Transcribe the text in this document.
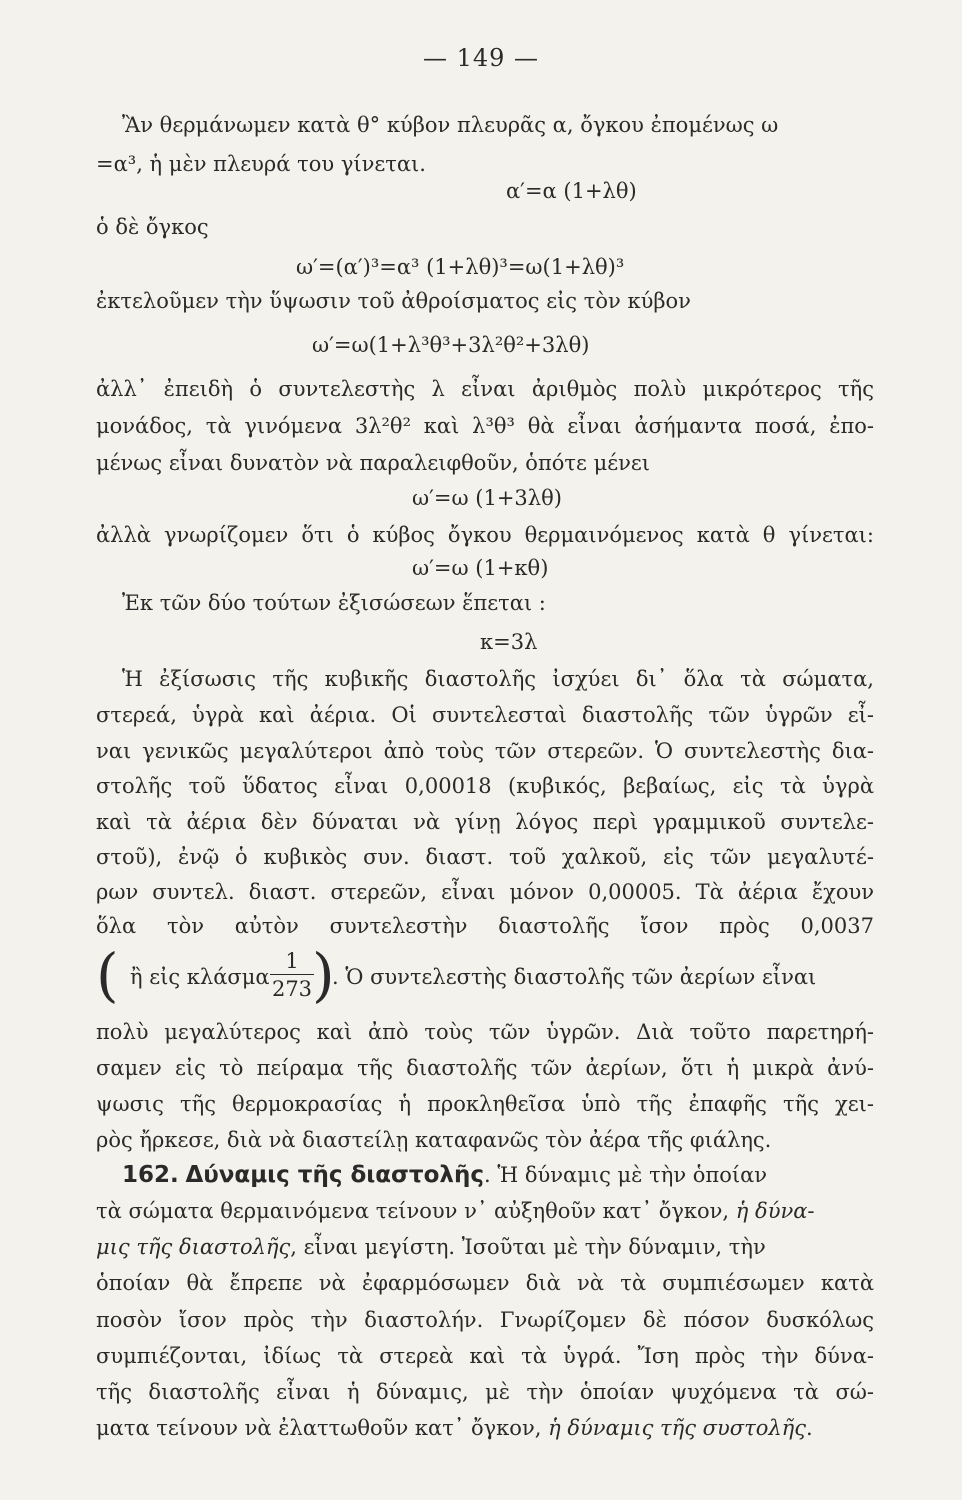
— 149 —
Ἂν θερμάνωμεν κατὰ θ° κύβον πλευρᾶς α, ὄγκου ἐπομένως ω
=α³, ἡ μὲν πλευρά του γίνεται.
α′=α (1+λθ)
ὁ δὲ ὄγκος
ω′=(α′)³=α³ (1+λθ)³=ω(1+λθ)³
ἐκτελοῦμεν τὴν ὕψωσιν τοῦ ἀθροίσματος εἰς τὸν κύβον
ω′=ω(1+λ³θ³+3λ²θ²+3λθ)
ἀλλ᾿ ἐπειδὴ ὁ συντελεστὴς λ εἶναι ἀριθμὸς πολὺ μικρότερος τῆς
μονάδος, τὰ γινόμενα 3λ²θ² καὶ λ³θ³ θὰ εἶναι ἀσήμαντα ποσά, ἐπο-
μένως εἶναι δυνατὸν νὰ παραλειφθοῦν, ὁπότε μένει
ω′=ω (1+3λθ)
ἀλλὰ γνωρίζομεν ὅτι ὁ κύβος ὄγκου θερμαινόμενος κατὰ θ γίνεται:
ω′=ω (1+κθ)
Ἐκ τῶν δύο τούτων ἐξισώσεων ἕπεται :
κ=3λ
Ἡ ἐξίσωσις τῆς κυβικῆς διαστολῆς ἰσχύει δι᾿ ὅλα τὰ σώματα,
στερεά, ὑγρὰ καὶ ἀέρια. Οἱ συντελεσταὶ διαστολῆς τῶν ὑγρῶν εἶ-
ναι γενικῶς μεγαλύτεροι ἀπὸ τοὺς τῶν στερεῶν. Ὁ συντελεστὴς δια-
στολῆς τοῦ ὕδατος εἶναι 0,00018 (κυβικός, βεβαίως, εἰς τὰ ὑγρὰ
καὶ τὰ ἀέρια δὲν δύναται νὰ γίνῃ λόγος περὶ γραμμικοῦ συντελε-
στοῦ), ἐνῷ ὁ κυβικὸς συν. διαστ. τοῦ χαλκοῦ, εἰς τῶν μεγαλυτέ-
ρων συντελ. διαστ. στερεῶν, εἶναι μόνον 0,00005. Τὰ ἀέρια ἔχουν
ὅλα τὸν αὐτὸν συντελεστὴν διαστολῆς ἴσον πρὸς 0,0037
( ἢ εἰς κλάσμα $\frac{1}{273}$
)
. Ὁ συντελεστὴς διαστολῆς τῶν ἀερίων εἶναι
πολὺ μεγαλύτερος καὶ ἀπὸ τοὺς τῶν ὑγρῶν. Διὰ τοῦτο παρετηρή-
σαμεν εἰς τὸ πείραμα τῆς διαστολῆς τῶν ἀερίων, ὅτι ἡ μικρὰ ἀνύ-
ψωσις τῆς θερμοκρασίας ἡ προκληθεῖσα ὑπὸ τῆς ἐπαφῆς τῆς χει-
ρὸς ἤρκεσε, διὰ νὰ διαστείλῃ καταφανῶς τὸν ἀέρα τῆς φιάλης.
162. Δύναμις τῆς διαστολῆς. Ἡ δύναμις μὲ τὴν ὁποίαν
τὰ σώματα θερμαινόμενα τείνουν ν᾿ αὐξηθοῦν κατ᾿ ὄγκον, ἡ δύνα-
μις τῆς διαστολῆς, εἶναι μεγίστη. Ἰσοῦται μὲ τὴν δύναμιν, τὴν
ὁποίαν θὰ ἔπρεπε νὰ ἐφαρμόσωμεν διὰ νὰ τὰ συμπιέσωμεν κατὰ
ποσὸν ἴσον πρὸς τὴν διαστολήν. Γνωρίζομεν δὲ πόσον δυσκόλως
συμπιέζονται, ἰδίως τὰ στερεὰ καὶ τὰ ὑγρά. Ἴση πρὸς τὴν δύνα-
τῆς διαστολῆς εἶναι ἡ δύναμις, μὲ τὴν ὁποίαν ψυχόμενα τὰ σώ-
ματα τείνουν νὰ ἐλαττωθοῦν κατ᾿ ὄγκον, ἡ δύναμις τῆς συστολῆς.
